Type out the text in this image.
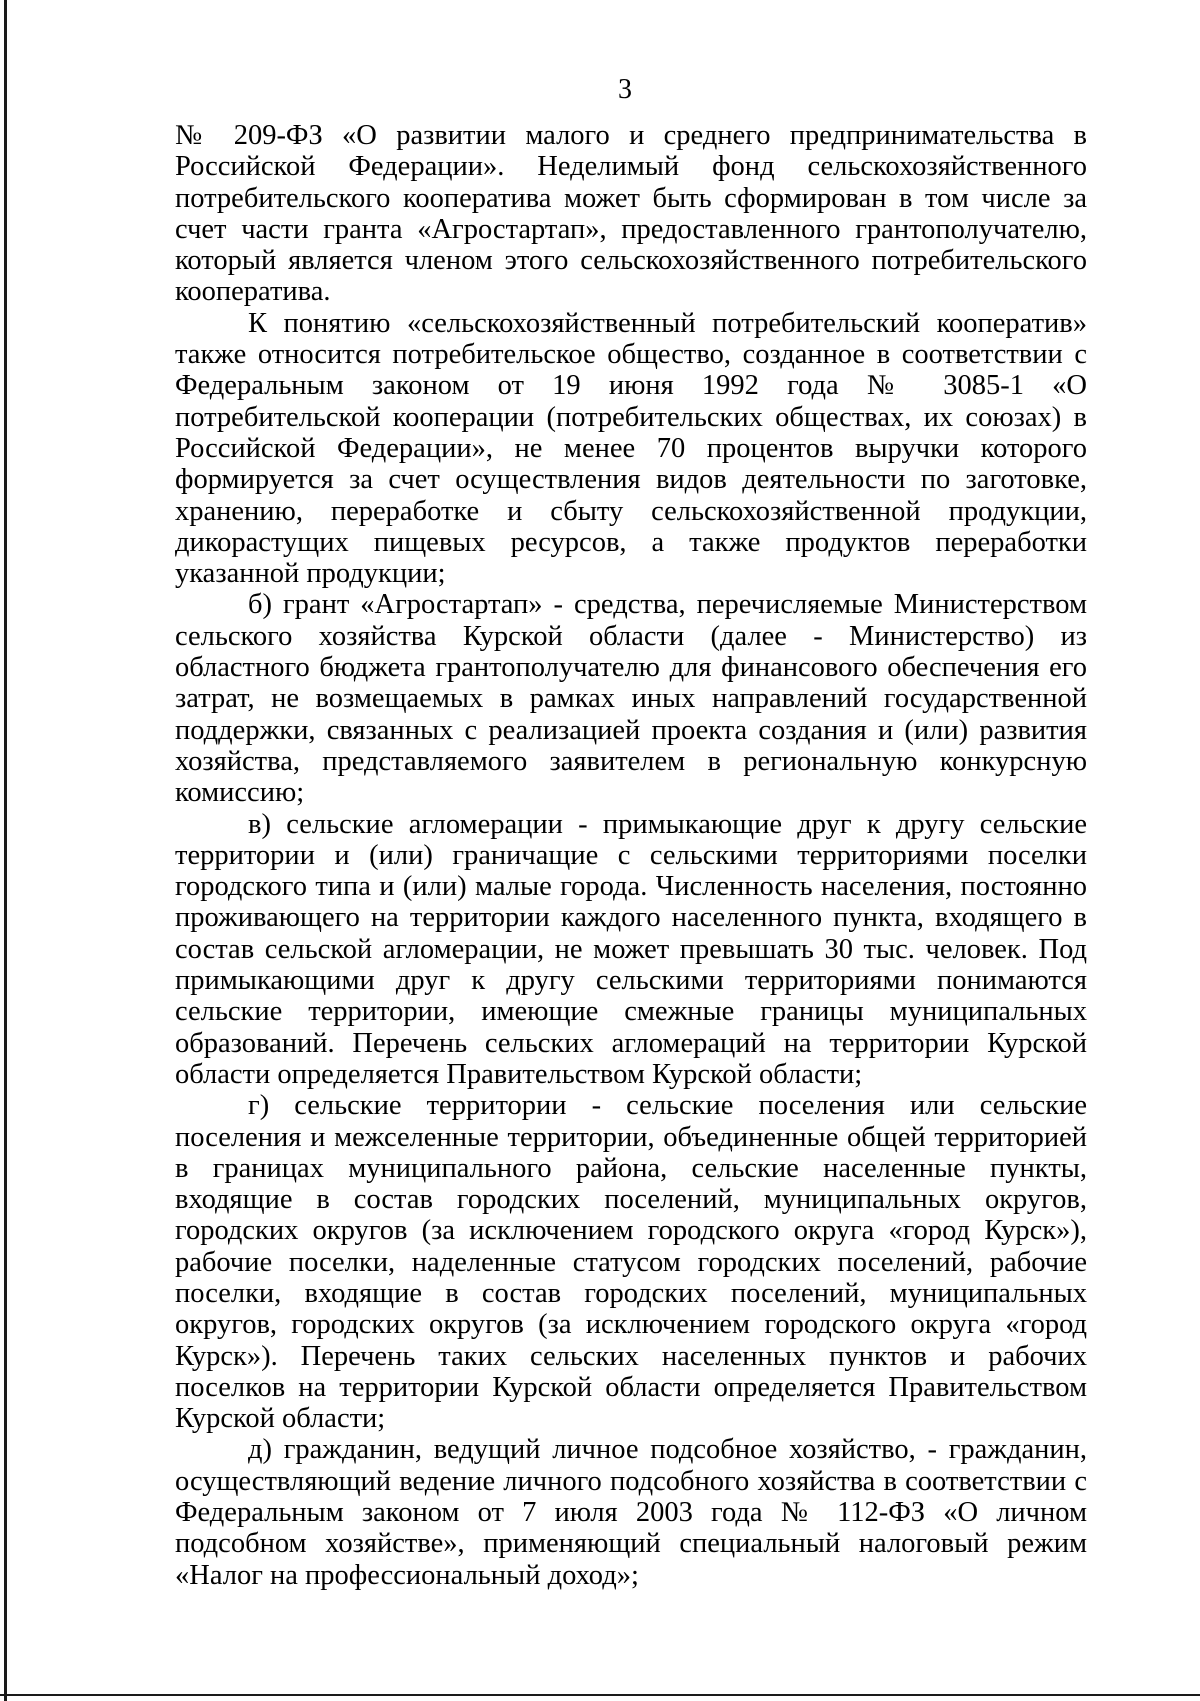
3

№ 209-ФЗ «О развитии малого и среднего предпринимательства в Российской Федерации». Неделимый фонд сельскохозяйственного потребительского кооператива может быть сформирован в том числе за счет части гранта «Агростартап», предоставленного грантополучателю, который является членом этого сельскохозяйственного потребительского кооператива.

К понятию «сельскохозяйственный потребительский кооператив» также относится потребительское общество, созданное в соответствии с Федеральным законом от 19 июня 1992 года № 3085-1 «О потребительской кооперации (потребительских обществах, их союзах) в Российской Федерации», не менее 70 процентов выручки которого формируется за счет осуществления видов деятельности по заготовке, хранению, переработке и сбыту сельскохозяйственной продукции, дикорастущих пищевых ресурсов, а также продуктов переработки указанной продукции;

б) грант «Агростартап» - средства, перечисляемые Министерством сельского хозяйства Курской области (далее - Министерство) из областного бюджета грантополучателю для финансового обеспечения его затрат, не возмещаемых в рамках иных направлений государственной поддержки, связанных с реализацией проекта создания и (или) развития хозяйства, представляемого заявителем в региональную конкурсную комиссию;

в) сельские агломерации - примыкающие друг к другу сельские территории и (или) граничащие с сельскими территориями поселки городского типа и (или) малые города. Численность населения, постоянно проживающего на территории каждого населенного пункта, входящего в состав сельской агломерации, не может превышать 30 тыс. человек. Под примыкающими друг к другу сельскими территориями понимаются сельские территории, имеющие смежные границы муниципальных образований. Перечень сельских агломераций на территории Курской области определяется Правительством Курской области;

г) сельские территории - сельские поселения или сельские поселения и межселенные территории, объединенные общей территорией в границах муниципального района, сельские населенные пункты, входящие в состав городских поселений, муниципальных округов, городских округов (за исключением городского округа «город Курск»), рабочие поселки, наделенные статусом городских поселений, рабочие поселки, входящие в состав городских поселений, муниципальных округов, городских округов (за исключением городского округа «город Курск»). Перечень таких сельских населенных пунктов и рабочих поселков на территории Курской области определяется Правительством Курской области;

д) гражданин, ведущий личное подсобное хозяйство, - гражданин, осуществляющий ведение личного подсобного хозяйства в соответствии с Федеральным законом от 7 июля 2003 года № 112-ФЗ «О личном подсобном хозяйстве», применяющий специальный налоговый режим «Налог на профессиональный доход»;
